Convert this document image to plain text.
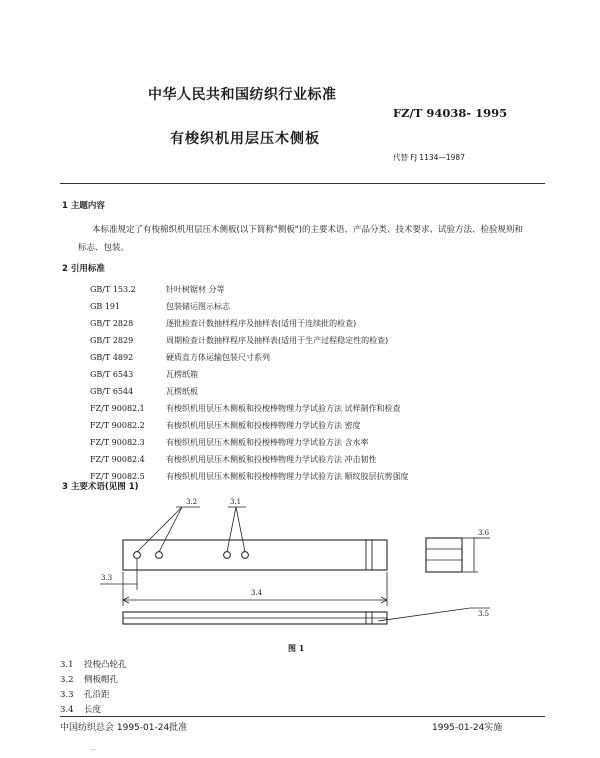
中华人民共和国纺织行业标准
FZ/T 94038- 1995
有梭织机用层压木侧板
代替 FJ 1134—1987
1 主题内容
本标准规定了有梭棉织机用层压木侧板(以下简称"侧板")的主要术语、产品分类、技术要求、试验方法、检验规则和标志、包装。
2 引用标准
GB/T 153.2	针叶树锯材 分等
GB 191	包装储运图示标志
GB/T 2828	逐批检查计数抽样程序及抽样表(适用于连续批的检查)
GB/T 2829	周期检查计数抽样程序及抽样表(适用于生产过程稳定性的检查)
GB/T 4892	硬质直方体运输包装尺寸系列
GB/T 6543	瓦楞纸箱
GB/T 6544	瓦楞纸板
FZ/T 90082.1	有梭织机用层压木侧板和投梭棒物理力学试验方法 试样制作和检查
FZ/T 90082.2	有梭织机用层压木侧板和投梭棒物理力学试验方法 密度
FZ/T 90082.3	有梭织机用层压木侧板和投梭棒物理力学试验方法 含水率
FZ/T 90082.4	有梭织机用层压木侧板和投梭棒物理力学试验方法 冲击韧性
FZ/T 90082.5	有梭织机用层压木侧板和投梭棒物理力学试验方法 顺纹胶层抗剪强度
3 主要术语(见图 1)
3.2	3.1
3.3
3.4
3.5
3.6
图 1
3.1 投梭凸轮孔
3.2 侧板帽孔
3.3 孔沿距
3.4 长度
中国纺织总会 1995-01-24批准	1995-01-24实施
…
